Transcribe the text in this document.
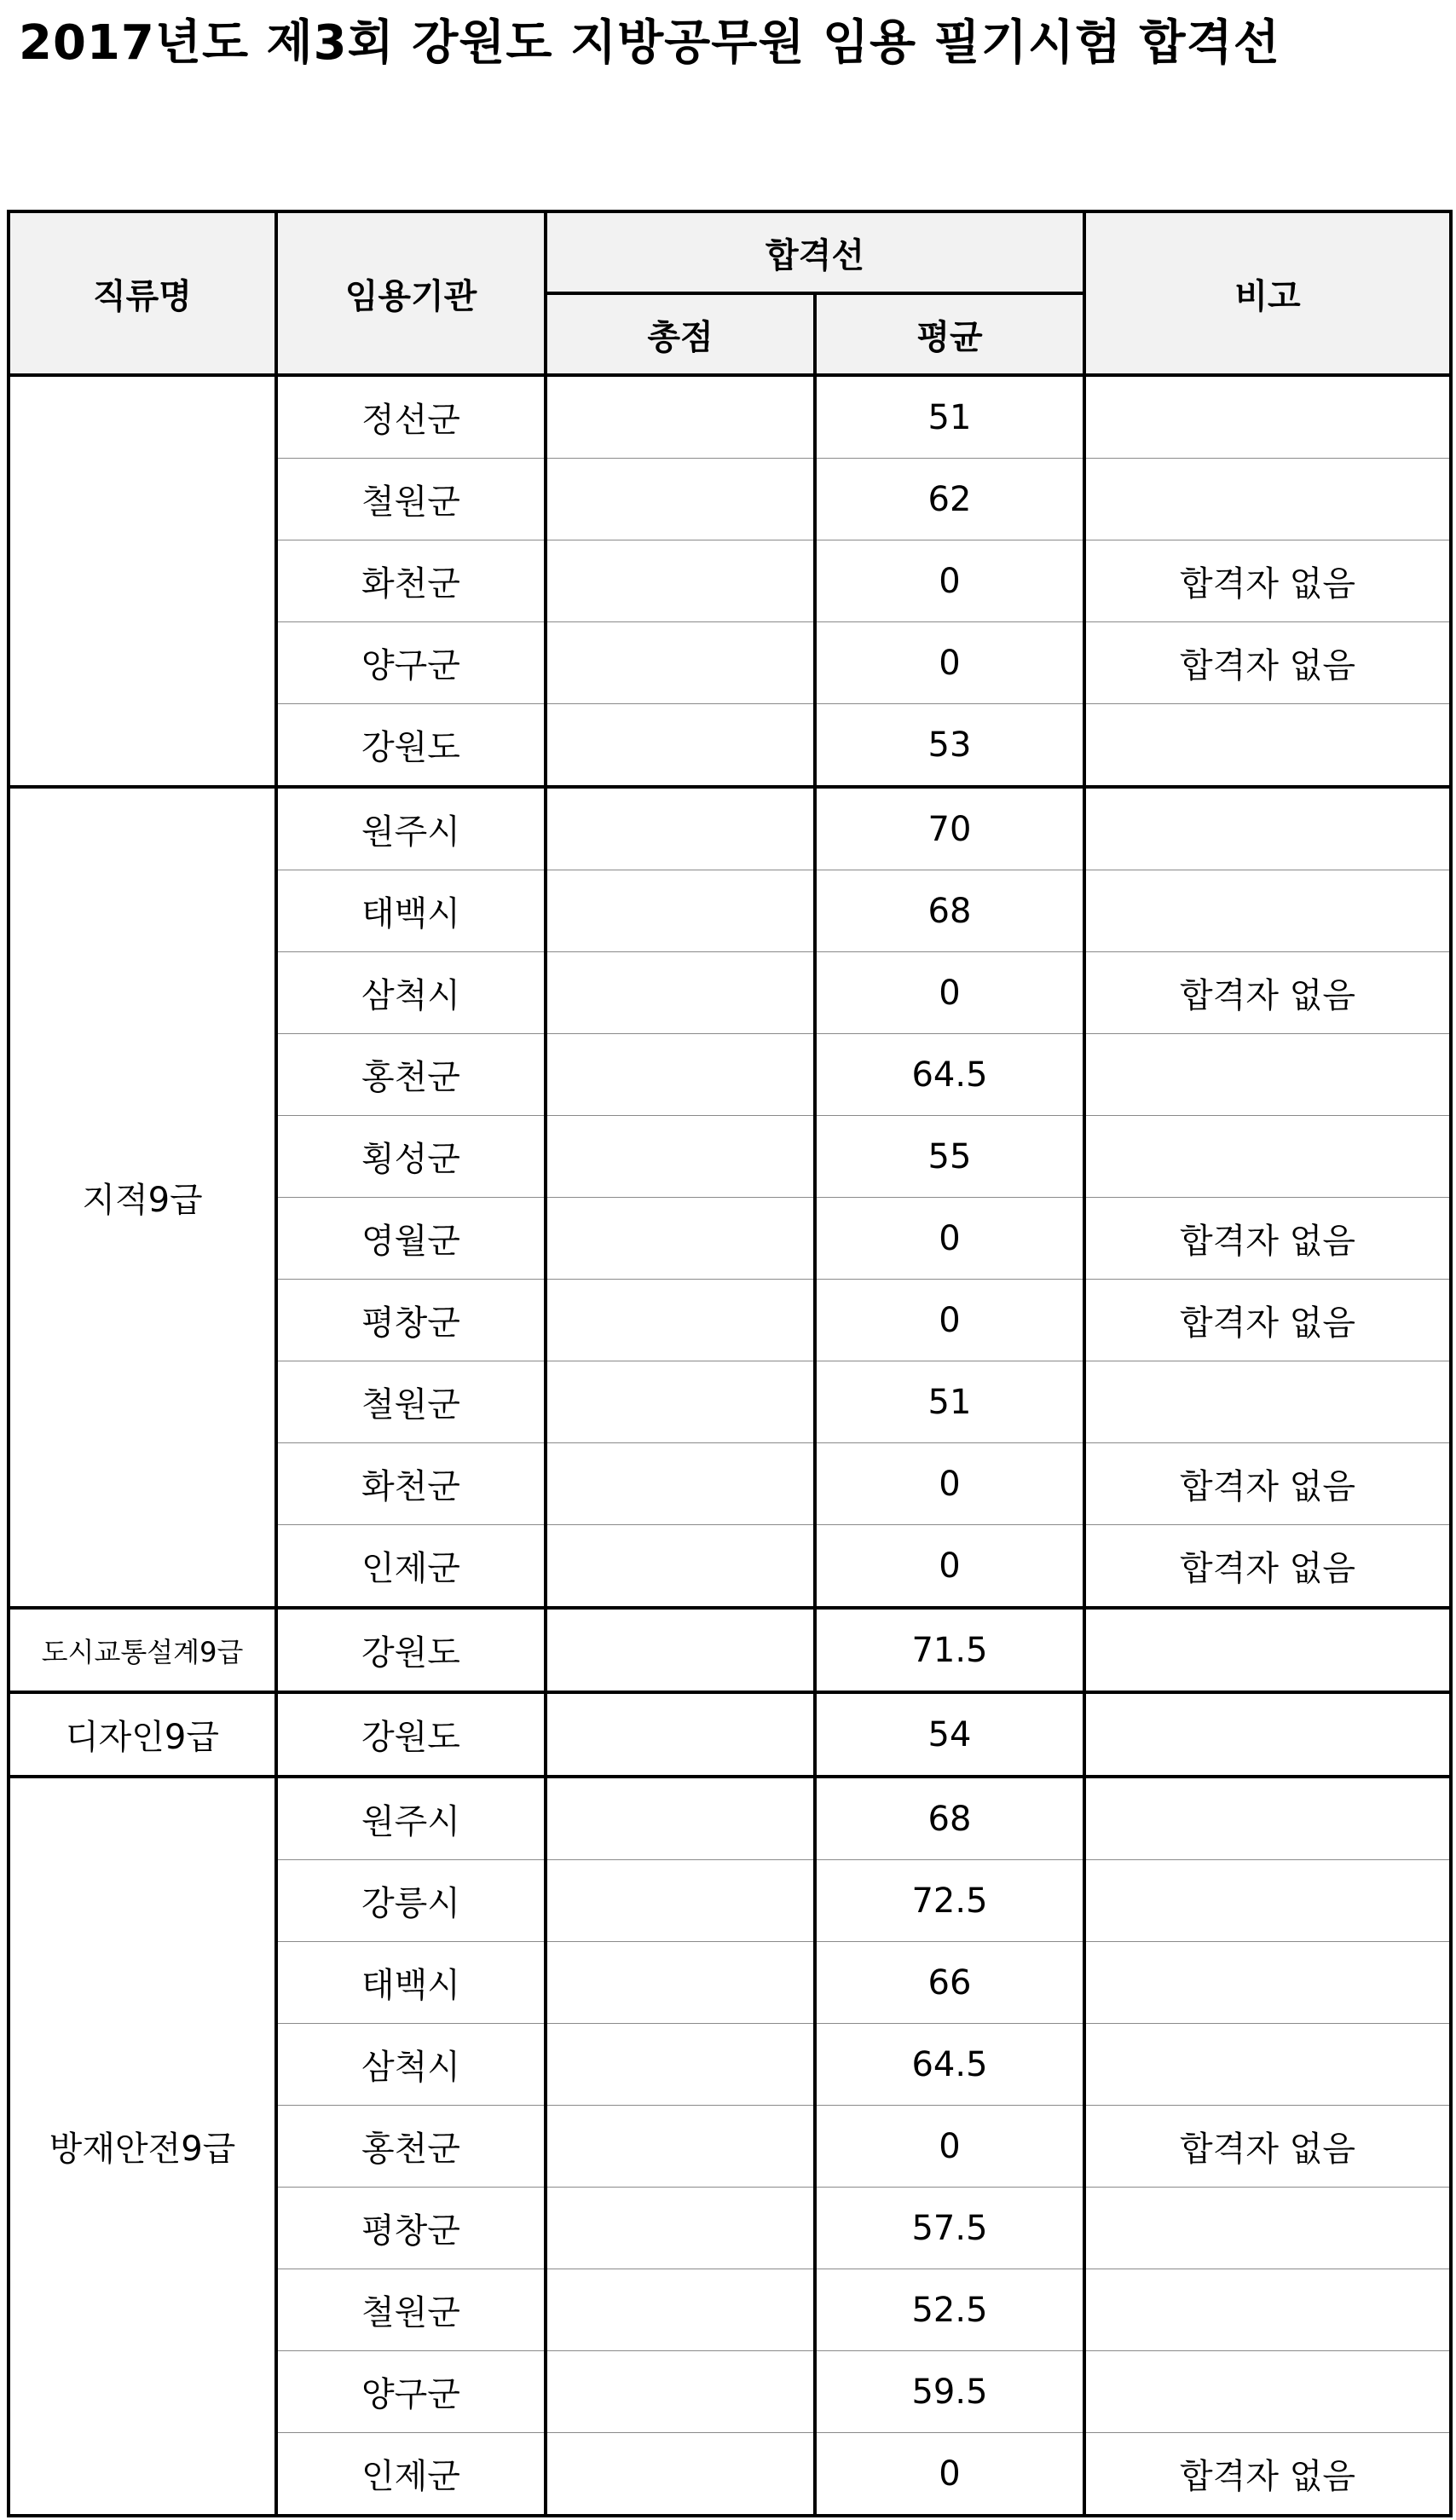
2017년도 제3회 강원도 지방공무원 임용 필기시험 합격선
직류명	임용기관	합격선		비고
		총점	평균	
	정선군		51	
	철원군		62	
	화천군		0	합격자 없음
	양구군		0	합격자 없음
	강원도		53	
지적9급	원주시		70	
	태백시		68	
	삼척시		0	합격자 없음
	홍천군		64.5	
	횡성군		55	
	영월군		0	합격자 없음
	평창군		0	합격자 없음
	철원군		51	
	화천군		0	합격자 없음
	인제군		0	합격자 없음
도시교통설계9급	강원도		71.5	
디자인9급	강원도		54	
방재안전9급	원주시		68	
	강릉시		72.5	
	태백시		66	
	삼척시		64.5	
	홍천군		0	합격자 없음
	평창군		57.5	
	철원군		52.5	
	양구군		59.5	
	인제군		0	합격자 없음
